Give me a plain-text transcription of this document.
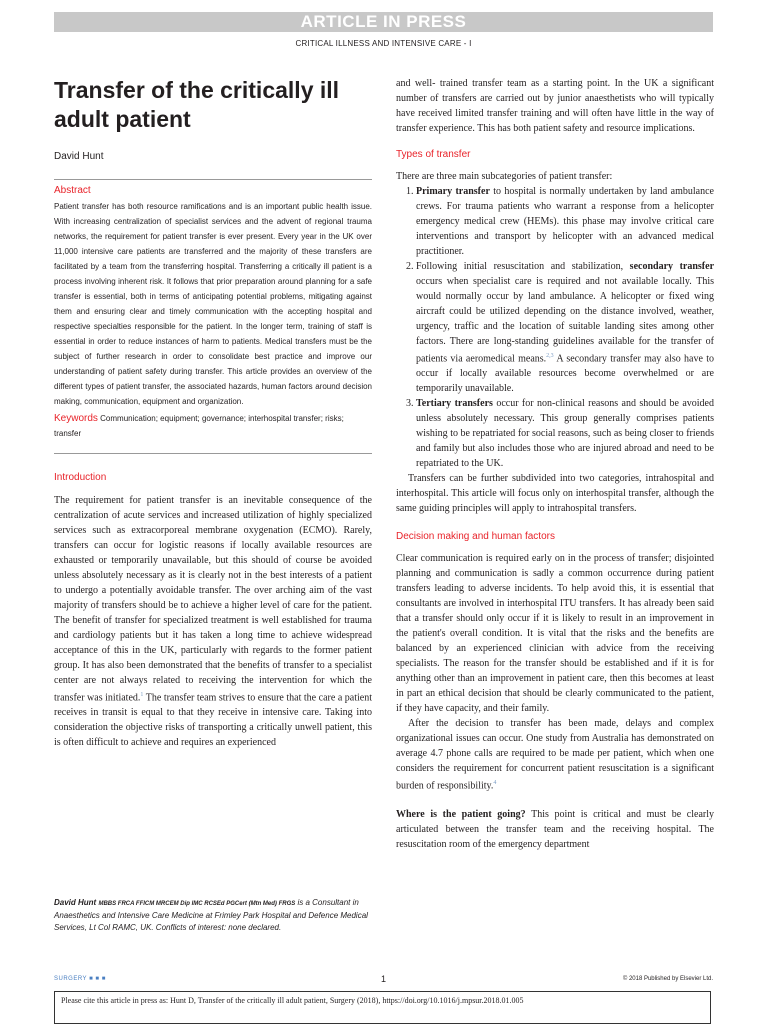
ARTICLE IN PRESS
CRITICAL ILLNESS AND INTENSIVE CARE - I
Transfer of the critically ill adult patient
David Hunt
Abstract

Patient transfer has both resource ramifications and is an important public health issue. With increasing centralization of specialist services and the advent of regional trauma networks, the requirement for patient transfer is ever present. Every year in the UK over 11,000 intensive care patients are transferred and the majority of these transfers are facilitated by a team from the transferring hospital. Transferring a critically ill patient is a process involving inherent risk. It follows that prior preparation around planning for a safe transfer is essential, both in terms of anticipating potential problems, mitigating against them and ensuring clear and timely communication with the accepting hospital and respective specialties responsible for the patient. In the longer term, training of staff is essential in order to reduce instances of harm to patients. Medical transfers must be the subject of further research in order to consolidate best practice and improve our understanding of patient safety during transfer. This article provides an overview of the different types of patient transfer, the associated hazards, human factors around decision making, communication, equipment and organization.

Keywords Communication; equipment; governance; interhospital transfer; risks; transfer
Introduction

The requirement for patient transfer is an inevitable consequence of the centralization of acute services and increased utilization of highly specialized services such as extracorporeal membrane oxygenation (ECMO). Rarely, transfers can occur for logistic reasons if locally available resources are exhausted or temporarily unavailable, but this should of course be avoided unless absolutely necessary as it is clearly not in the best interests of a patient to undergo a potentially avoidable transfer. The over arching aim of the vast majority of transfers should be to achieve a higher level of care for the patient. The benefit of transfer for specialized treatment is well established for trauma and cardiology patients but it has taken a long time to achieve widespread acceptance of this in the UK, particularly with regards to the former patient group. It has also been demonstrated that the benefits of transfer to a specialist center are not always related to receiving the intervention for which the transfer was initiated.$^1$ The transfer team strives to ensure that the care a patient receives in transit is equal to that they receive in intensive care. Taking into consideration the objective risks of transporting a critically unwell patient, this is often difficult to achieve and requires an experienced

and well- trained transfer team as a starting point. In the UK a significant number of transfers are carried out by junior anaesthetists who will typically have received limited transfer training and will often have little in the way of transfer experience. This has both patient safety and resource implications.

Types of transfer

There are three main subcategories of patient transfer:

1. Primary transfer to hospital is normally undertaken by land ambulance crews. For trauma patients who warrant a response from a helicopter emergency medical crew (HEMs). this phase may involve critical care interventions and transport by helicopter with an advanced medical practitioner.
2. Following initial resuscitation and stabilization, secondary transfer occurs when specialist care is required and not available locally. This would normally occur by land ambulance. A helicopter or fixed wing aircraft could be utilized depending on the distance involved, weather, urgency, traffic and the location of suitable landing sites among other factors. There are long-standing guidelines available for the transfer of patients via aeromedical means.$^{2,3}$ A secondary transfer may also have to occur if locally available resources become overwhelmed or are temporarily unavailable.
3. Tertiary transfers occur for non-clinical reasons and should be avoided unless absolutely necessary. This group generally comprises patients wishing to be repatriated for social reasons, such as being closer to friends and family but also includes those who are injured abroad and need to be repatriated to the UK.

Transfers can be further subdivided into two categories, intrahospital and interhospital. This article will focus only on interhospital transfer, although the same guiding principles will apply to intrahospital transfers.

Decision making and human factors

Clear communication is required early on in the process of transfer; disjointed planning and communication is sadly a common occurrence during patient transfers leading to adverse incidents. To help avoid this, it is essential that consultants are involved in interhospital ITU transfers. It has already been said that a transfer should only occur if it is likely to result in an improvement in the patient's overall condition. It is vital that the risks and the benefits are balanced by an experienced clinician with advice from the receiving specialists. The reason for the transfer should be established and if it is for anything other than an improvement in patient care, then this becomes at least in part an ethical decision that should be clearly communicated to the patient, if they have capacity, and their family.

After the decision to transfer has been made, delays and complex organizational issues can occur. One study from Australia has demonstrated on average 4.7 phone calls are required to be made per patient, which when one considers the requirement for concurrent patient resuscitation is a significant burden of responsibility.$^4$

Where is the patient going? This point is critical and must be clearly articulated between the transfer team and the receiving hospital. The resuscitation room of the emergency department

David Hunt MBBS FRCA FFICM MRCEM Dip IMC RCSEd PGCert (Mtn Med) FRGS is a Consultant in Anaesthetics and Intensive Care Medicine at Frimley Park Hospital and Defence Medical Services, Lt Col RAMC, UK. Conflicts of interest: none declared.
SURGERY ■ ■ ■	1	© 2018 Published by Elsevier Ltd.
Please cite this article in press as: Hunt D, Transfer of the critically ill adult patient, Surgery (2018), https://doi.org/10.1016/j.mpsur.2018.01.005
